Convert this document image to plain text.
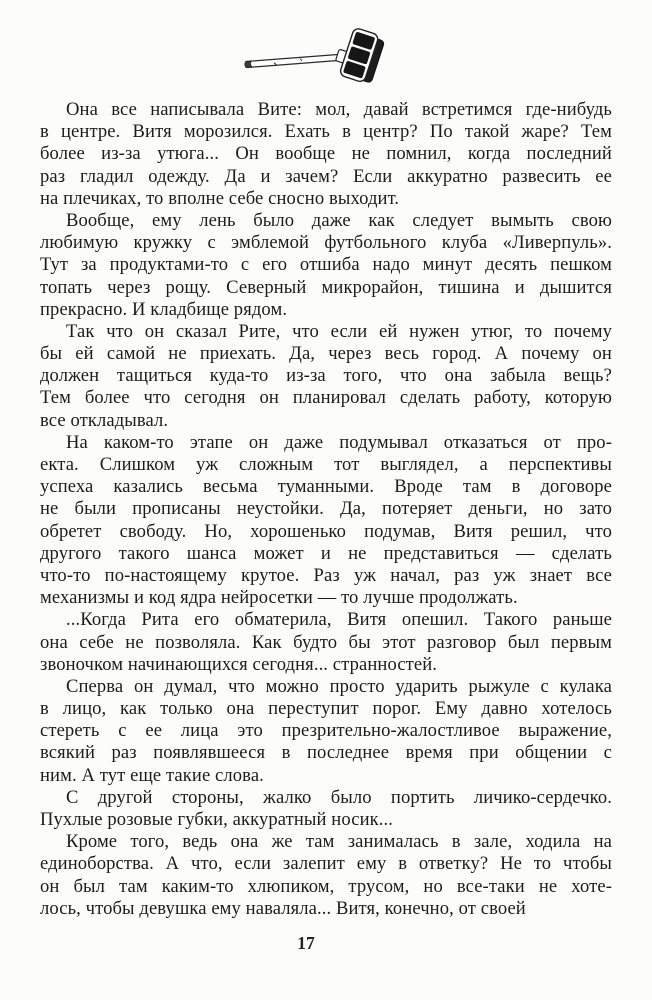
Она все написывала Вите: мол, давай встретимся где-нибудь
в центре. Витя морозился. Ехать в центр? По такой жаре? Тем
более из-за утюга... Он вообще не помнил, когда последний
раз гладил одежду. Да и зачем? Если аккуратно развесить ее
на плечиках, то вполне себе сносно выходит.
Вообще, ему лень было даже как следует вымыть свою
любимую кружку с эмблемой футбольного клуба «Ливерпуль».
Тут за продуктами-то с его отшиба надо минут десять пешком
топать через рощу. Северный микрорайон, тишина и дышится
прекрасно. И кладбище рядом.
Так что он сказал Рите, что если ей нужен утюг, то почему
бы ей самой не приехать. Да, через весь город. А почему он
должен тащиться куда-то из-за того, что она забыла вещь?
Тем более что сегодня он планировал сделать работу, которую
все откладывал.
На каком-то этапе он даже подумывал отказаться от про-
екта. Слишком уж сложным тот выглядел, а перспективы
успеха казались весьма туманными. Вроде там в договоре
не были прописаны неустойки. Да, потеряет деньги, но зато
обретет свободу. Но, хорошенько подумав, Витя решил, что
другого такого шанса может и не представиться — сделать
что-то по-настоящему крутое. Раз уж начал, раз уж знает все
механизмы и код ядра нейросетки — то лучше продолжать.
...Когда Рита его обматерила, Витя опешил. Такого раньше
она себе не позволяла. Как будто бы этот разговор был первым
звоночком начинающихся сегодня... странностей.
Сперва он думал, что можно просто ударить рыжуле с кулака
в лицо, как только она переступит порог. Ему давно хотелось
стереть с ее лица это презрительно-жалостливое выражение,
всякий раз появлявшееся в последнее время при общении с
ним. А тут еще такие слова.
С другой стороны, жалко было портить личико-сердечко.
Пухлые розовые губки, аккуратный носик...
Кроме того, ведь она же там занималась в зале, ходила на
единоборства. А что, если залепит ему в ответку? Не то чтобы
он был там каким-то хлюпиком, трусом, но все-таки не хоте-
лось, чтобы девушка ему наваляла... Витя, конечно, от своей
17
